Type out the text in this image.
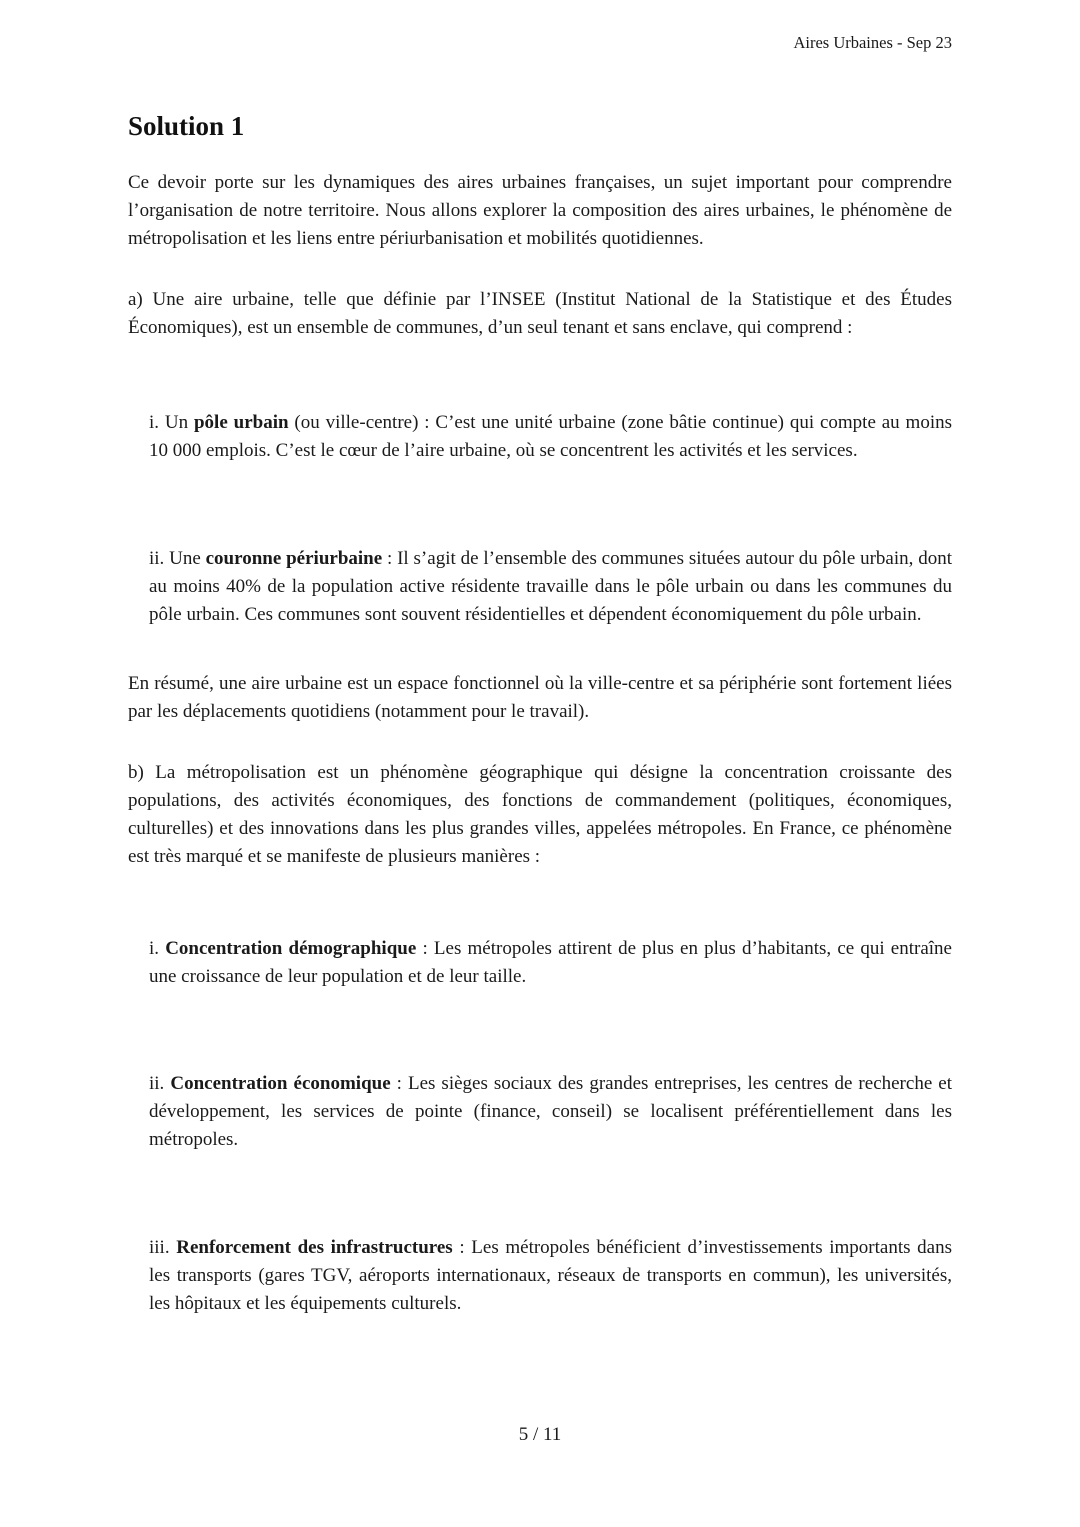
Aires Urbaines - Sep 23
Solution 1

Ce devoir porte sur les dynamiques des aires urbaines françaises, un sujet important pour comprendre l’organisation de notre territoire. Nous allons explorer la composition des aires urbaines, le phénomène de métropolisation et les liens entre périurbanisation et mobilités quotidiennes.

a) Une aire urbaine, telle que définie par l’INSEE (Institut National de la Statistique et des Études Économiques), est un ensemble de communes, d’un seul tenant et sans enclave, qui comprend :

i. Un pôle urbain (ou ville-centre) : C’est une unité urbaine (zone bâtie continue) qui compte au moins 10 000 emplois. C’est le cœur de l’aire urbaine, où se concentrent les activités et les services.

ii. Une couronne périurbaine : Il s’agit de l’ensemble des communes situées autour du pôle urbain, dont au moins 40% de la population active résidente travaille dans le pôle urbain ou dans les communes du pôle urbain. Ces communes sont souvent résidentielles et dépendent économiquement du pôle urbain.

En résumé, une aire urbaine est un espace fonctionnel où la ville-centre et sa périphérie sont fortement liées par les déplacements quotidiens (notamment pour le travail).

b) La métropolisation est un phénomène géographique qui désigne la concentration croissante des populations, des activités économiques, des fonctions de commandement (politiques, économiques, culturelles) et des innovations dans les plus grandes villes, appelées métropoles. En France, ce phénomène est très marqué et se manifeste de plusieurs manières :

i. Concentration démographique : Les métropoles attirent de plus en plus d’habitants, ce qui entraîne une croissance de leur population et de leur taille.

ii. Concentration économique : Les sièges sociaux des grandes entreprises, les centres de recherche et développement, les services de pointe (finance, conseil) se localisent préférentiellement dans les métropoles.

iii. Renforcement des infrastructures : Les métropoles bénéficient d’investissements importants dans les transports (gares TGV, aéroports internationaux, réseaux de transports en commun), les universités, les hôpitaux et les équipements culturels.

5 / 11
